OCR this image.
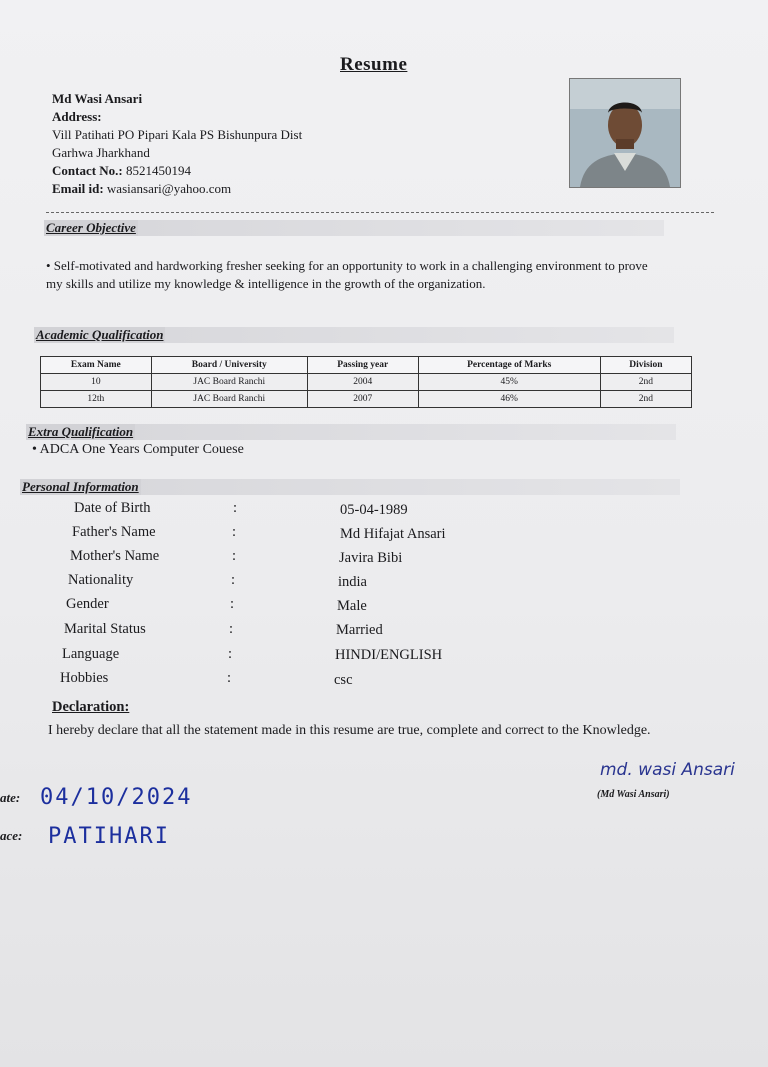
Resume
Md Wasi Ansari
Address:
Vill Patihati PO Pipari Kala PS Bishunpura Dist
Garhwa Jharkhand
Contact No.: 8521450194
Email id: wasiansari@yahoo.com
Career Objective
• Self-motivated and hardworking fresher seeking for an opportunity to work in a challenging environment to prove my skills and utilize my knowledge & intelligence in the growth of the organization.
Academic Qualification
Exam Name	Board / University	Passing year	Percentage of Marks	Division
10	JAC Board Ranchi	2004	45%	2nd
12th	JAC Board Ranchi	2007	46%	2nd
Extra Qualification
• ADCA One Years Computer Couese
Personal Information
Date of Birth	:	05-04-1989
Father's Name	:	Md Hifajat Ansari
Mother's Name	:	Javira Bibi
Nationality	:	india
Gender	:	Male
Marital Status	:	Married
Language	:	HINDI/ENGLISH
Hobbies	:	csc
Declaration:
I hereby declare that all the statement made in this resume are true, complete and correct to the Knowledge.
md. wasi Ansari
(Md Wasi Ansari)
ate: 04/10/2024
ace: PATIHARI
